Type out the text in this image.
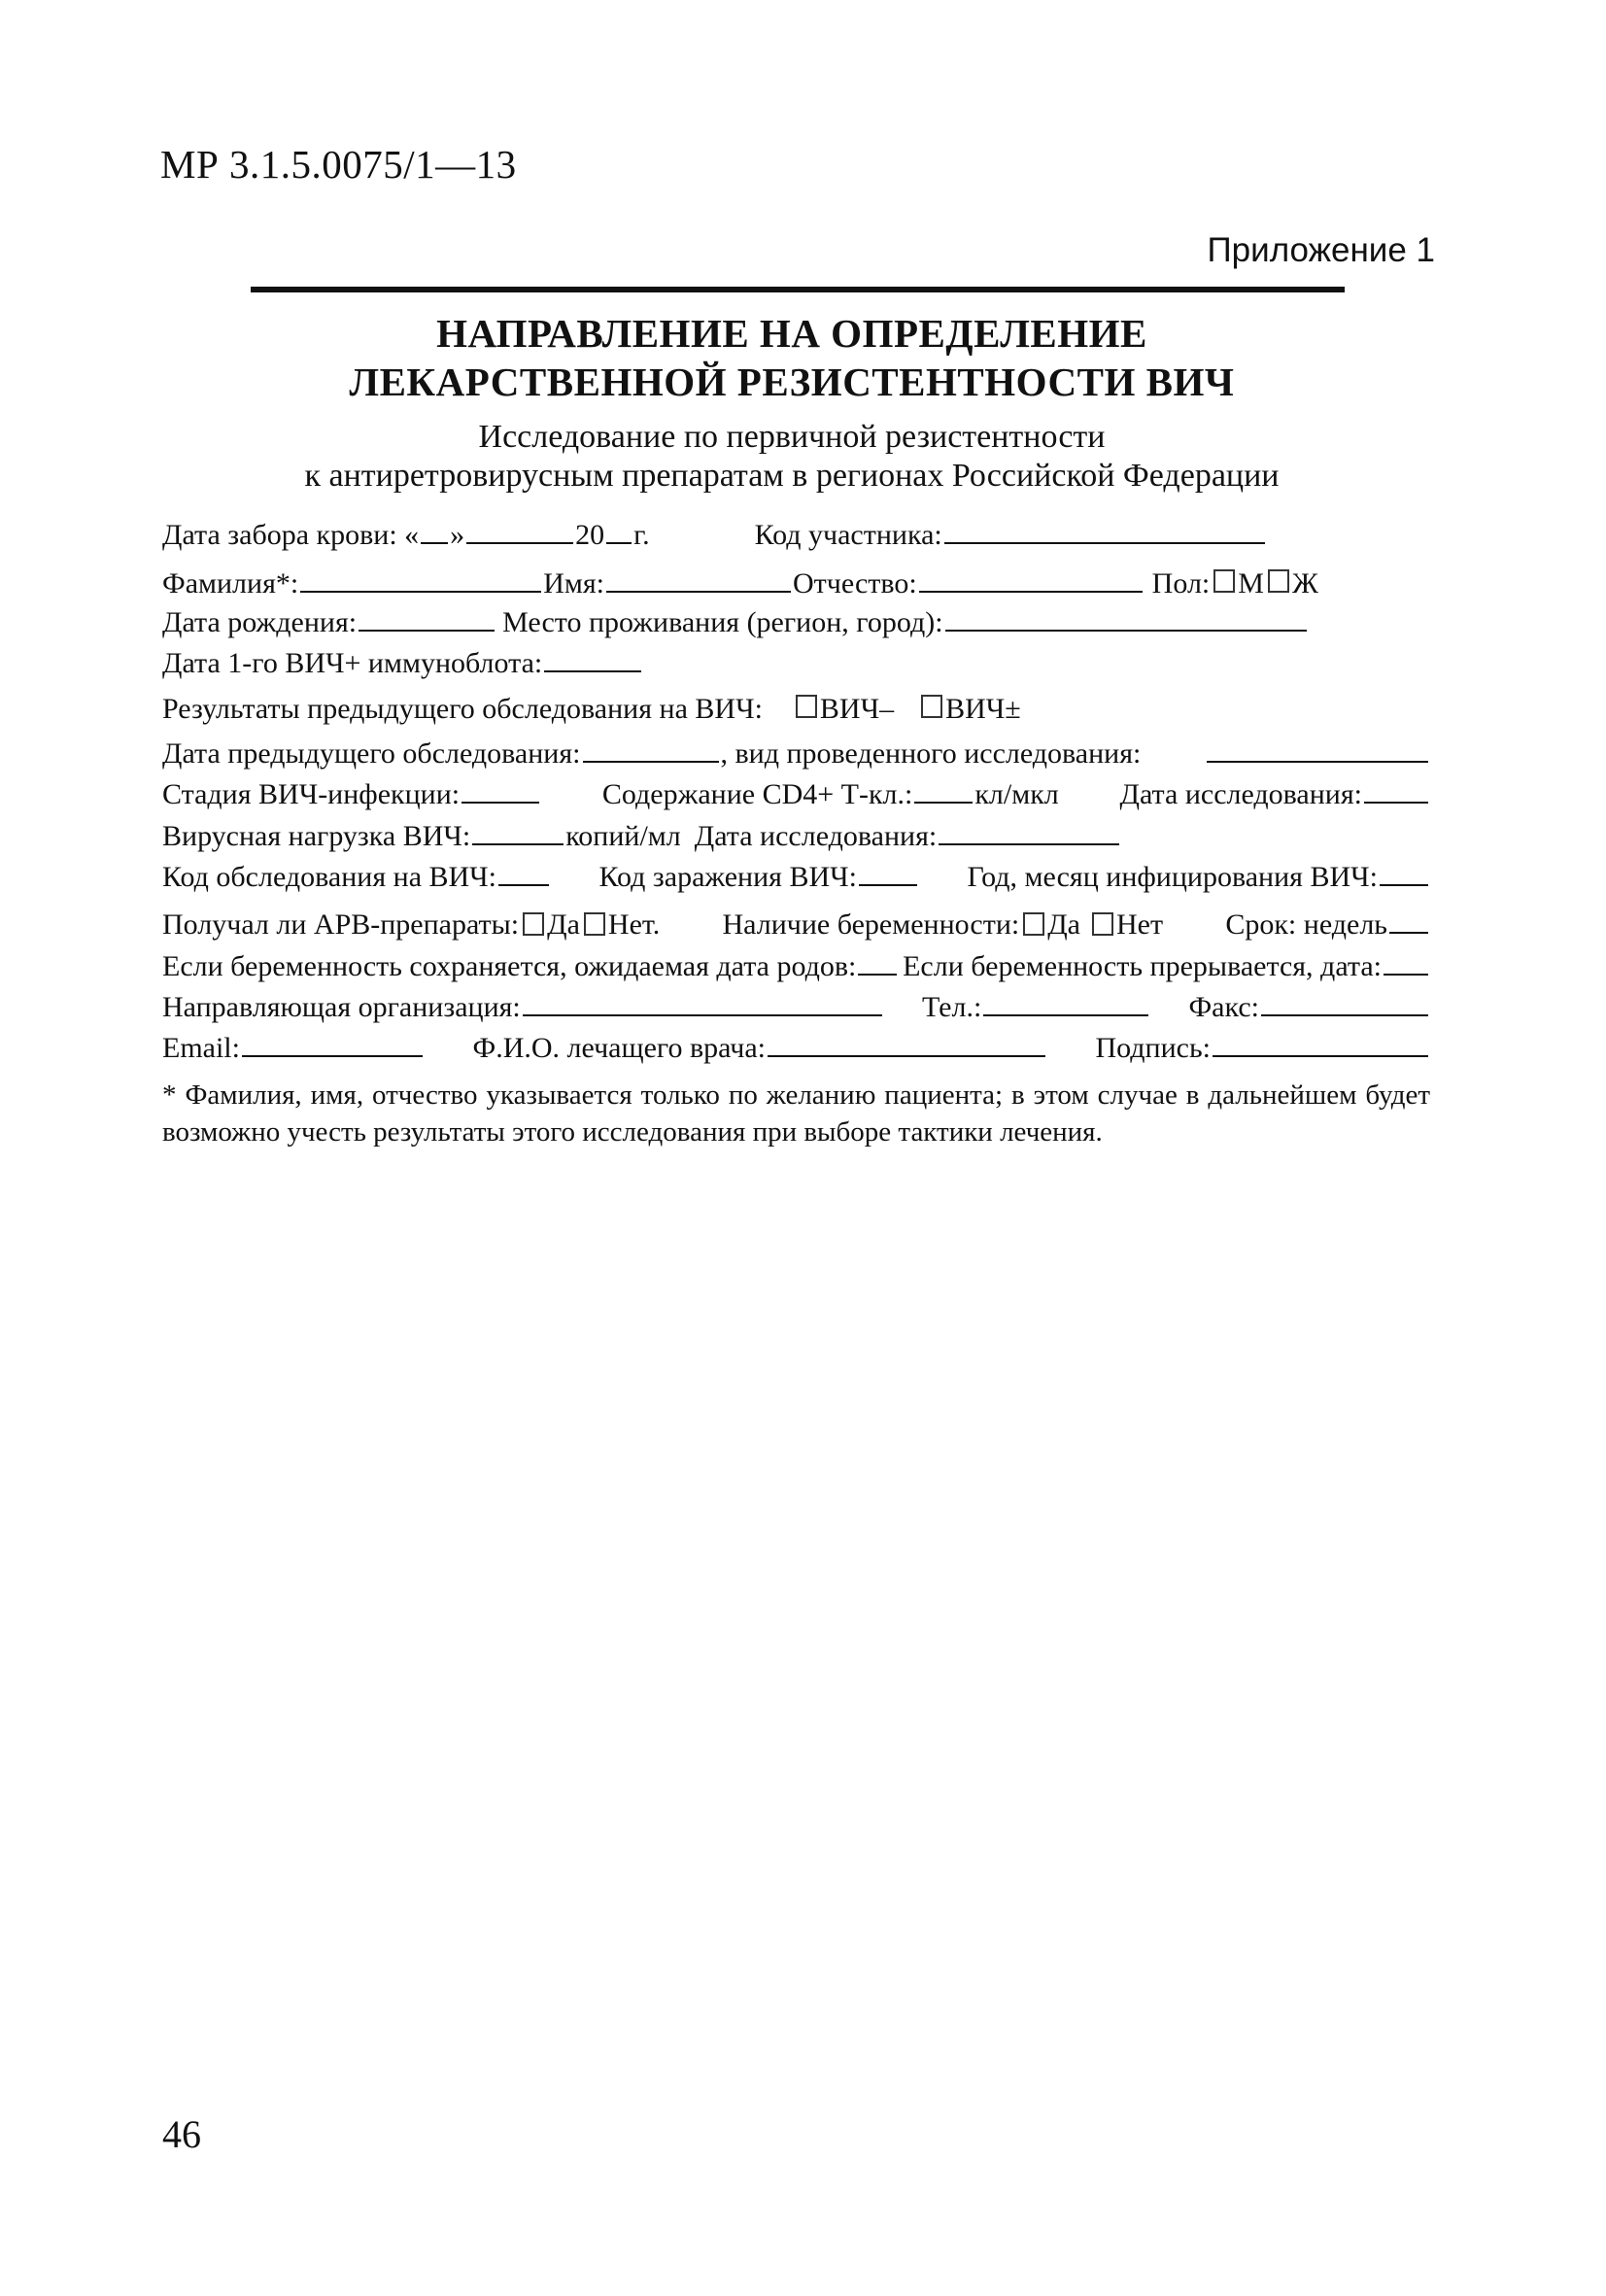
МР 3.1.5.0075/1—13
Приложение 1
НАПРАВЛЕНИЕ НА ОПРЕДЕЛЕНИЕ
ЛЕКАРСТВЕННОЙ РЕЗИСТЕНТНОСТИ ВИЧ
Исследование по первичной резистентности
к антиретровирусным препаратам в регионах Российской Федерации
Дата забора крови: « »	20 г.	Код участника:
Фамилия*:	Имя:	Отчество:	Пол: М Ж
Дата рождения:	Место проживания (регион, город):
Дата 1-го ВИЧ+ иммуноблота:
Результаты предыдущего обследования на ВИЧ: ВИЧ– ВИЧ±
Дата предыдущего обследования:	, вид проведенного исследования:
Стадия ВИЧ-инфекции:	Содержание CD4+ Т-кл.: кл/мкл Дата исследования:
Вирусная нагрузка ВИЧ:	копий/мл Дата исследования:
Код обследования на ВИЧ:	Код заражения ВИЧ:	Год, месяц инфицирования ВИЧ:
Получал ли АРВ-препараты: Да Нет. Наличие беременности: Да Нет Срок: недель
Если беременность сохраняется, ожидаемая дата родов:	Если беременность прерывается, дата:
Направляющая организация:	Тел.:	Факс:
Email:	Ф.И.О. лечащего врача:	Подпись:
* Фамилия, имя, отчество указывается только по желанию пациента; в этом случае в дальнейшем будет возможно учесть результаты этого исследования при выборе тактики лечения.
46
